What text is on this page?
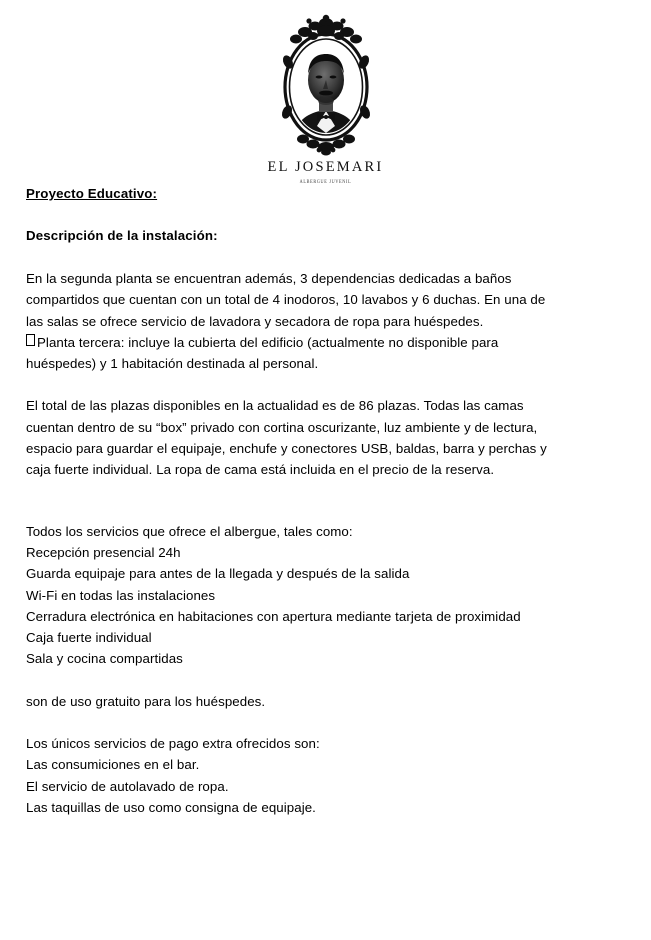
EL JOSEMARI
ALBERGUE JUVENIL
Proyecto Educativo:
Descripción de la instalación:

En la segunda planta se encuentran además, 3 dependencias dedicadas a baños

compartidos que cuentan con un total de 4 inodoros, 10 lavabos y 6 duchas. En una de

las salas se ofrece servicio de lavadora y secadora de ropa para huéspedes.

Planta tercera: incluye la cubierta del edificio (actualmente no disponible para

huéspedes) y 1 habitación destinada al personal.

El total de las plazas disponibles en la actualidad es de 86 plazas. Todas las camas

cuentan dentro de su “box” privado con cortina oscurizante, luz ambiente y de lectura,

espacio para guardar el equipaje, enchufe y conectores USB, baldas, barra y perchas y

caja fuerte individual. La ropa de cama está incluida en el precio de la reserva.

Todos los servicios que ofrece el albergue, tales como:

Recepción presencial 24h

Guarda equipaje para antes de la llegada y después de la salida

Wi-Fi en todas las instalaciones

Cerradura electrónica en habitaciones con apertura mediante tarjeta de proximidad

Caja fuerte individual

Sala y cocina compartidas

son de uso gratuito para los huéspedes.

Los únicos servicios de pago extra ofrecidos son:

Las consumiciones en el bar.

El servicio de autolavado de ropa.

Las taquillas de uso como consigna de equipaje.
